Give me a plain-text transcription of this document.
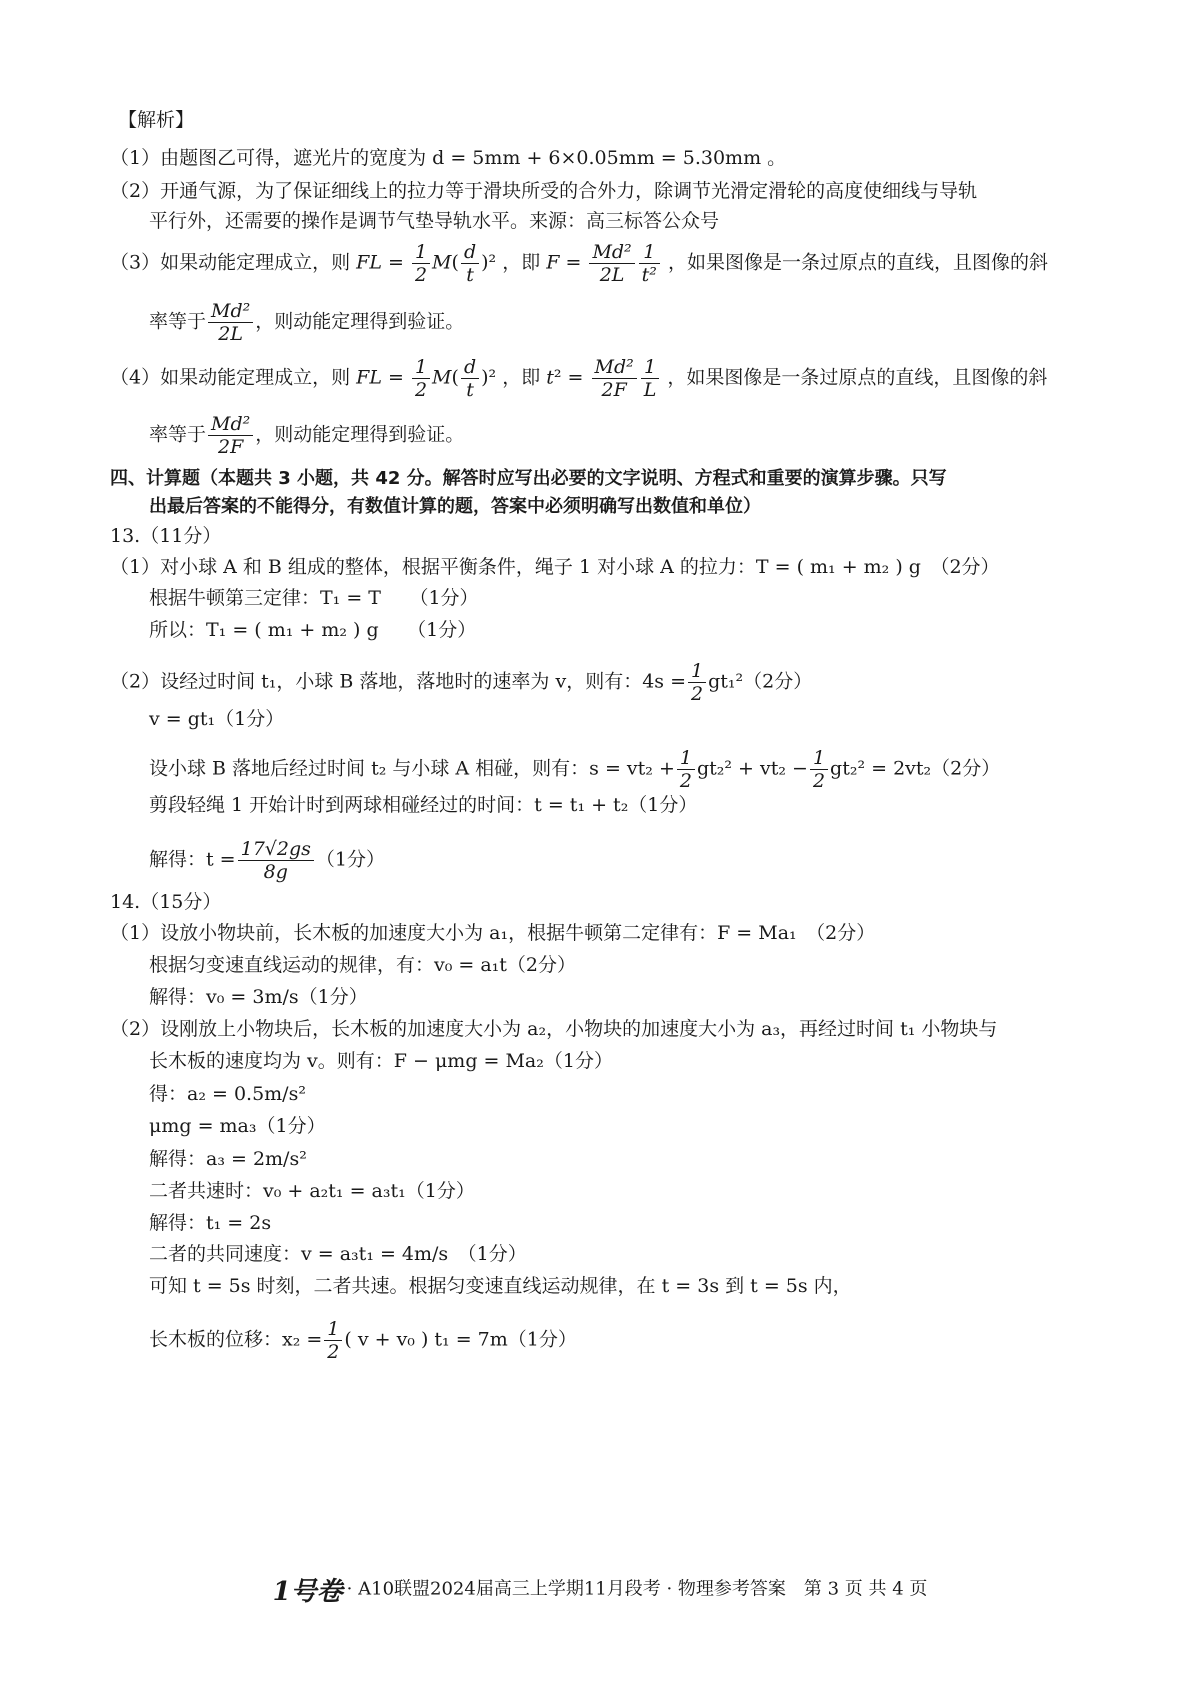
【解析】
（1）由题图乙可得，遮光片的宽度为 d = 5mm + 6×0.05mm = 5.30mm 。
（2）开通气源，为了保证细线上的拉力等于滑块所受的合外力，除调节光滑定滑轮的高度使细线与导轨
平行外，还需要的操作是调节气垫导轨水平。来源：高三标答公众号
（3）如果动能定理成立，则 FL = $\frac{1}{2} M( \frac{d}{t} )^2$ ，即 $F = \frac{\text{Md²}}{2L} \frac{1}{\text{t²}}$ ，如果图像是一条过原点的直线，且图像的斜
率等于 $\frac{\text{Md²}}{2L}$ ，则动能定理得到验证。
（4）如果动能定理成立，则 FL = $\frac{1}{2} M( \frac{d}{t} )^2$ ，即 $t^2 = \frac{\text{Md²}}{2F} \frac{1}{L}$ ，如果图像是一条过原点的直线，且图像的斜
率等于 $\frac{\text{Md²}}{2F}$ ，则动能定理得到验证。
四、计算题（本题共 3 小题，共 42 分。解答时应写出必要的文字说明、方程式和重要的演算步骤。只写
出最后答案的不能得分，有数值计算的题，答案中必须明确写出数值和单位）
13.（11分）
（1）对小球 A 和 B 组成的整体，根据平衡条件，绳子 1 对小球 A 的拉力：T = ( m₁ + m₂ ) g　（2分）
根据牛顿第三定律：T₁ = T　　（1分）
所以：T₁ = ( m₁ + m₂ ) g　　（1分）
（2）设经过时间 t₁，小球 B 落地，落地时的速率为 v，则有：$4s = \frac{1}{2} gt_1^2(2$分）
v = gt₁（1分）
设小球 B 落地后经过时间 t₂ 与小球 A 相碰，则有：$s = vt_2 + \frac{1}{2} gt_2^2 + vt_2 - \frac{1}{2} gt_2^2 = 2vt_2(2$分）
剪段轻绳 1 开始计时到两球相碰经过的时间：t = t₁ + t₂（1分）
解得：$t = \frac{17√2gs}{8g} (1$分）
14.（15分）
（1）设放小物块前，长木板的加速度大小为 a₁，根据牛顿第二定律有：F = Ma₁　（2分）
根据匀变速直线运动的规律，有：v₀ = a₁t（2分）
解得：v₀ = 3m/s（1分）
（2）设刚放上小物块后，长木板的加速度大小为 a₂，小物块的加速度大小为 a₃，再经过时间 t₁ 小物块与
长木板的速度均为 v。则有：F − μmg = Ma₂（1分）
得：a₂ = 0.5m/s²
μmg = ma₃（1分）
解得：a₃ = 2m/s²
二者共速时：v₀ + a₂t₁ = a₃t₁（1分）
解得：t₁ = 2s
二者的共同速度：v = a₃t₁ = 4m/s　（1分）
可知 t = 5s 时刻，二者共速。根据匀变速直线运动规律，在 t = 3s 到 t = 5s 内，
长木板的位移：$x_2 = \frac{1}{2}$ ( v + v₀ ) t₁ = 7m（1分）
1号卷 · A10联盟2024届高三上学期11月段考 · 物理参考答案　第 3 页 共 4 页
